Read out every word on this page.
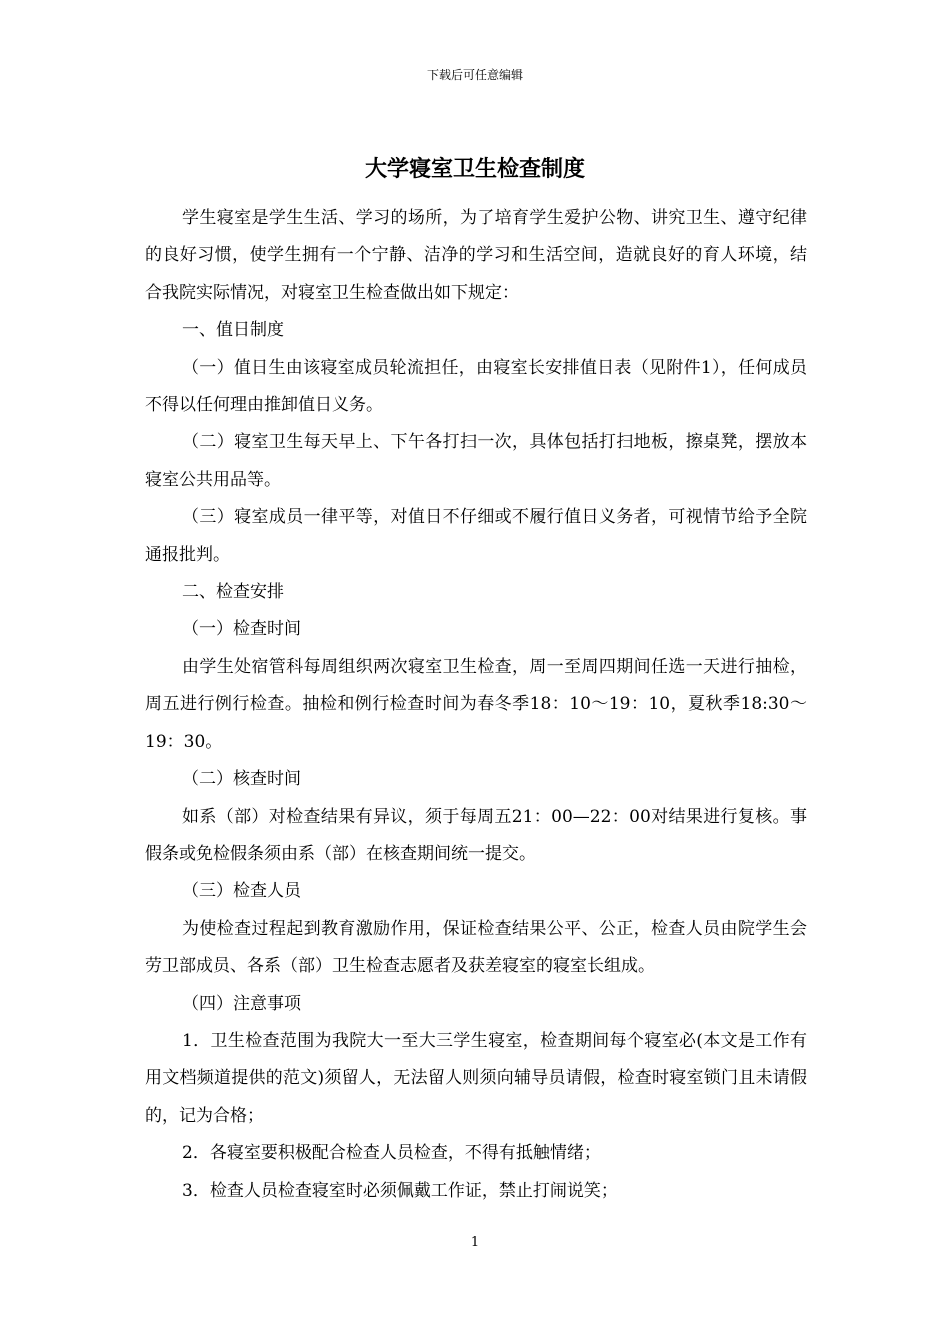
下载后可任意编辑
大学寝室卫生检查制度

学生寝室是学生生活、学习的场所，为了培育学生爱护公物、讲究卫生、遵守纪律的良好习惯，使学生拥有一个宁静、洁净的学习和生活空间，造就良好的育人环境，结合我院实际情况，对寝室卫生检查做出如下规定：

一、值日制度

（一）值日生由该寝室成员轮流担任，由寝室长安排值日表（见附件1），任何成员不得以任何理由推卸值日义务。

（二）寝室卫生每天早上、下午各打扫一次，具体包括打扫地板，擦桌凳，摆放本寝室公共用品等。

（三）寝室成员一律平等，对值日不仔细或不履行值日义务者，可视情节给予全院通报批判。

二、检查安排

（一）检查时间

由学生处宿管科每周组织两次寝室卫生检查，周一至周四期间任选一天进行抽检，周五进行例行检查。抽检和例行检查时间为春冬季18：10～19：10，夏秋季18:30～19：30。

（二）核查时间

如系（部）对检查结果有异议，须于每周五21：00—22：00对结果进行复核。事假条或免检假条须由系（部）在核查期间统一提交。

（三）检查人员

为使检查过程起到教育激励作用，保证检查结果公平、公正，检查人员由院学生会劳卫部成员、各系（部）卫生检查志愿者及获差寝室的寝室长组成。

（四）注意事项

1．卫生检查范围为我院大一至大三学生寝室，检查期间每个寝室必(本文是工作有用文档频道提供的范文)须留人，无法留人则须向辅导员请假，检查时寝室锁门且未请假的，记为合格；

2．各寝室要积极配合检查人员检查，不得有抵触情绪；

3．检查人员检查寝室时必须佩戴工作证，禁止打闹说笑；

1
